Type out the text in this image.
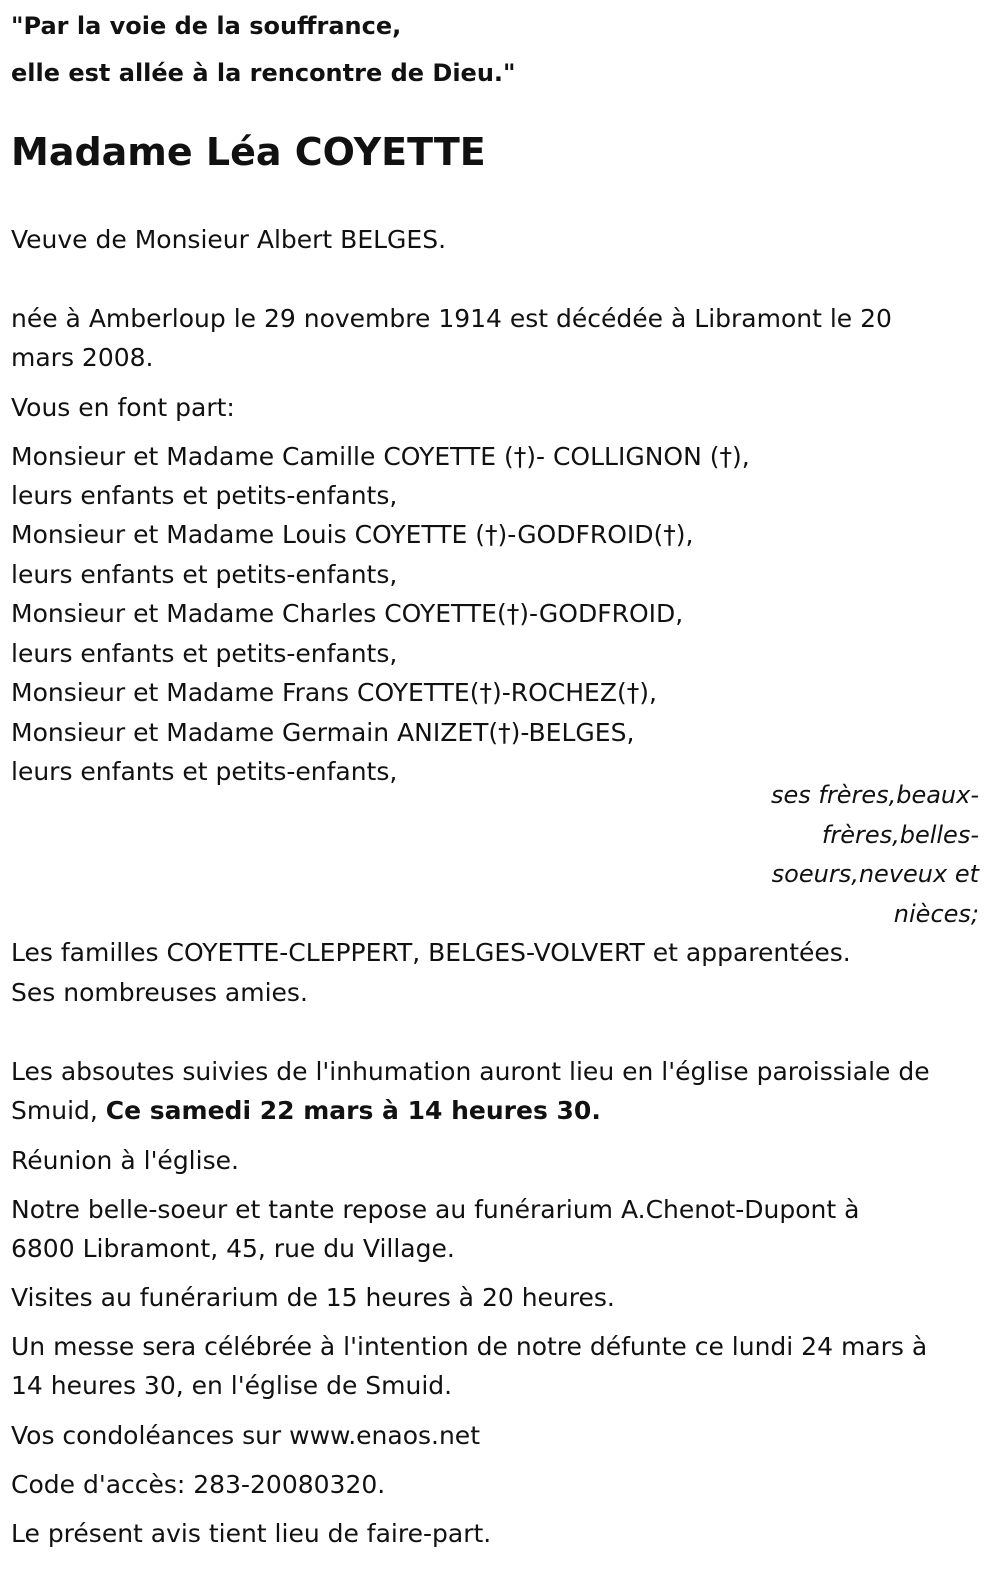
"Par la voie de la souffrance,

elle est allée à la rencontre de Dieu."

Madame Léa COYETTE

Veuve de Monsieur Albert BELGES.

née à Amberloup le 29 novembre 1914 est décédée à Libramont le 20

mars 2008.

Vous en font part:

Monsieur et Madame Camille COYETTE (†)- COLLIGNON (†),

leurs enfants et petits-enfants,

Monsieur et Madame Louis COYETTE (†)-GODFROID(†),

leurs enfants et petits-enfants,

Monsieur et Madame Charles COYETTE(†)-GODFROID,

leurs enfants et petits-enfants,

Monsieur et Madame Frans COYETTE(†)-ROCHEZ(†),

Monsieur et Madame Germain ANIZET(†)-BELGES,

leurs enfants et petits-enfants,

ses frères,beaux-frères,belles-soeurs,neveux et nièces;

Les familles COYETTE-CLEPPERT, BELGES-VOLVERT et apparentées.

Ses nombreuses amies.

Les absoutes suivies de l'inhumation auront lieu en l'église paroissiale de

Smuid, Ce samedi 22 mars à 14 heures 30.

Réunion à l'église.

Notre belle-soeur et tante repose au funérarium A.Chenot-Dupont à

6800 Libramont, 45, rue du Village.

Visites au funérarium de 15 heures à 20 heures.

Un messe sera célébrée à l'intention de notre défunte ce lundi 24 mars à

14 heures 30, en l'église de Smuid.

Vos condoléances sur www.enaos.net

Code d'accès: 283-20080320.

Le présent avis tient lieu de faire-part.
